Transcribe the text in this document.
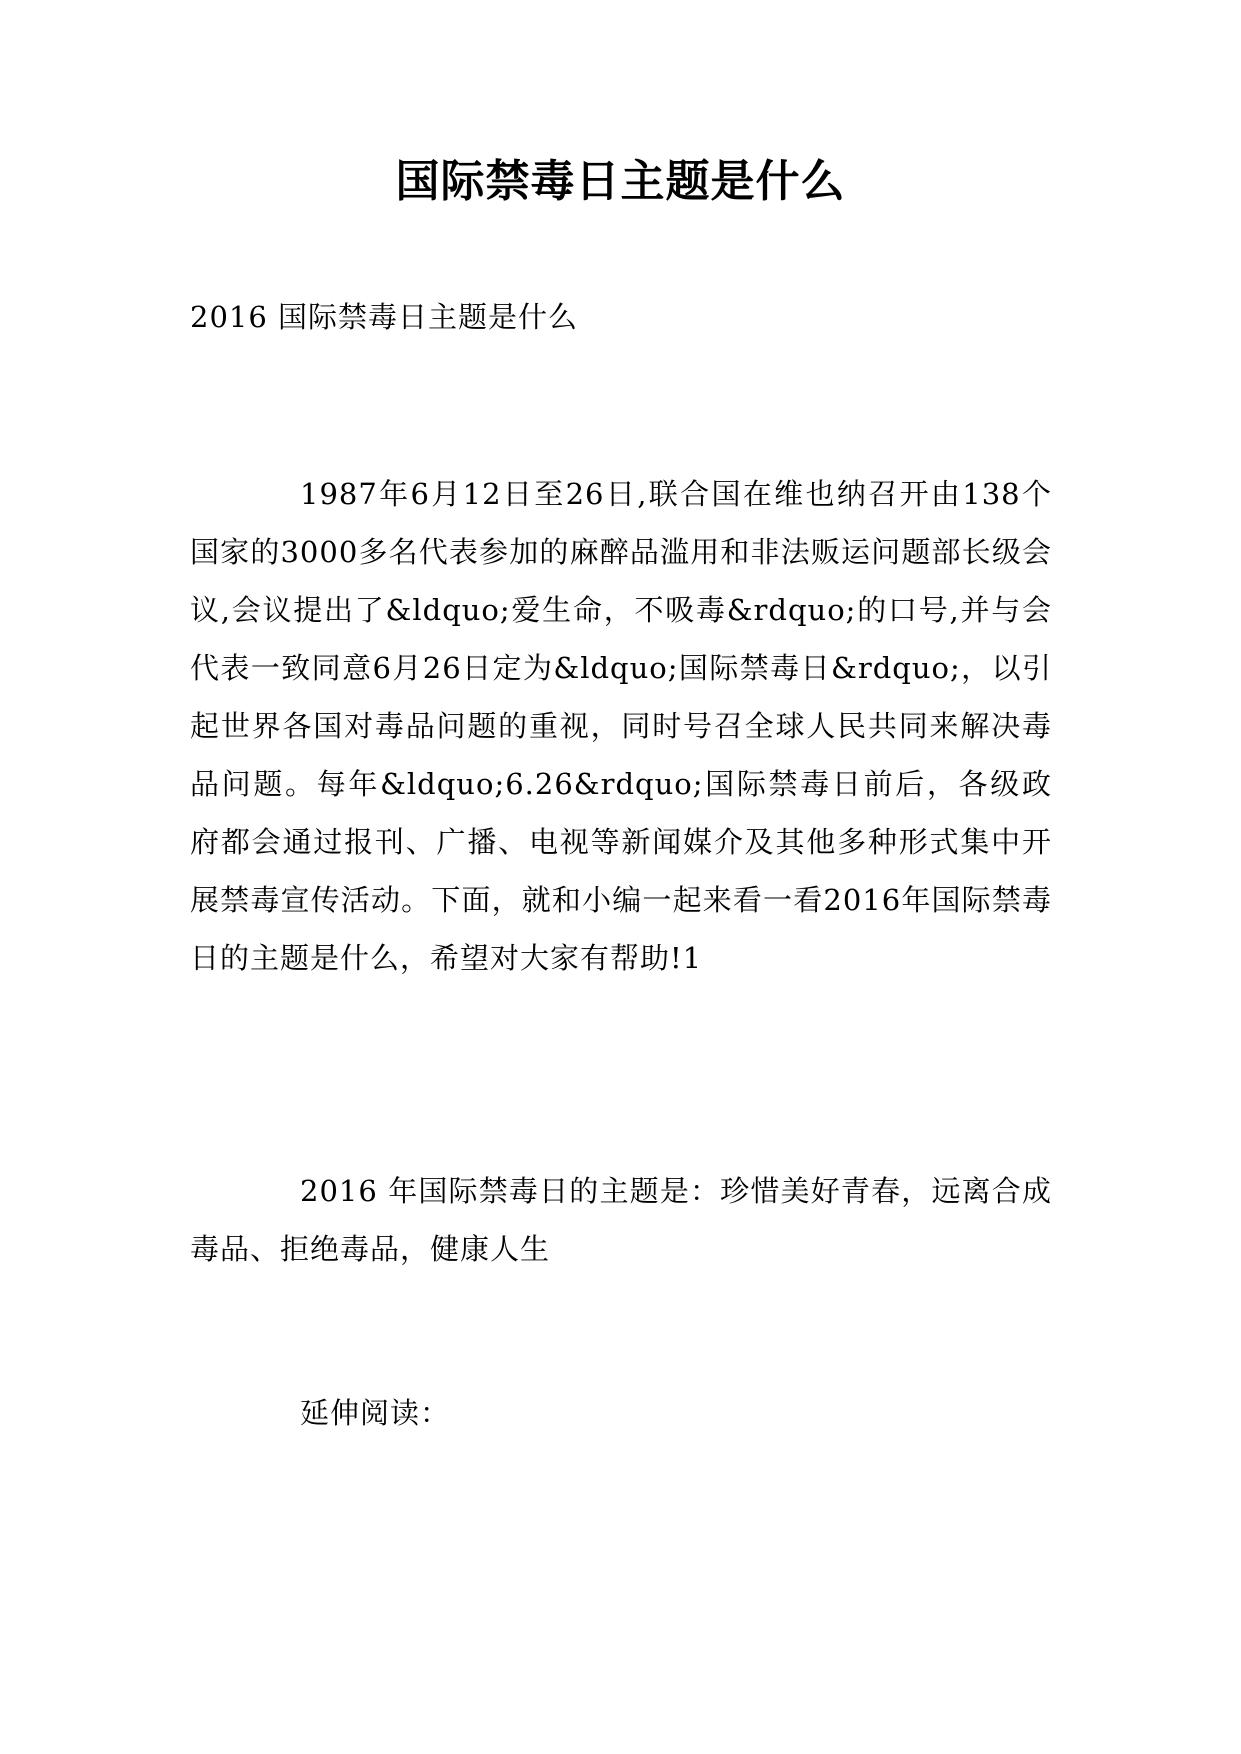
国际禁毒日主题是什么
2016 国际禁毒日主题是什么

1987年6月12日至26日,联合国在维也纳召开由138个国家的3000多名代表参加的麻醉品滥用和非法贩运问题部长级会议,会议提出了&ldquo;爱生命，不吸毒&rdquo;的口号,并与会代表一致同意6月26日定为&ldquo;国际禁毒日&rdquo;，以引起世界各国对毒品问题的重视，同时号召全球人民共同来解决毒品问题。每年&ldquo;6.26&rdquo;国际禁毒日前后，各级政府都会通过报刊、广播、电视等新闻媒介及其他多种形式集中开展禁毒宣传活动。下面，就和小编一起来看一看2016年国际禁毒日的主题是什么，希望对大家有帮助!1

2016 年国际禁毒日的主题是：珍惜美好青春，远离合成毒品、拒绝毒品，健康人生

延伸阅读：
